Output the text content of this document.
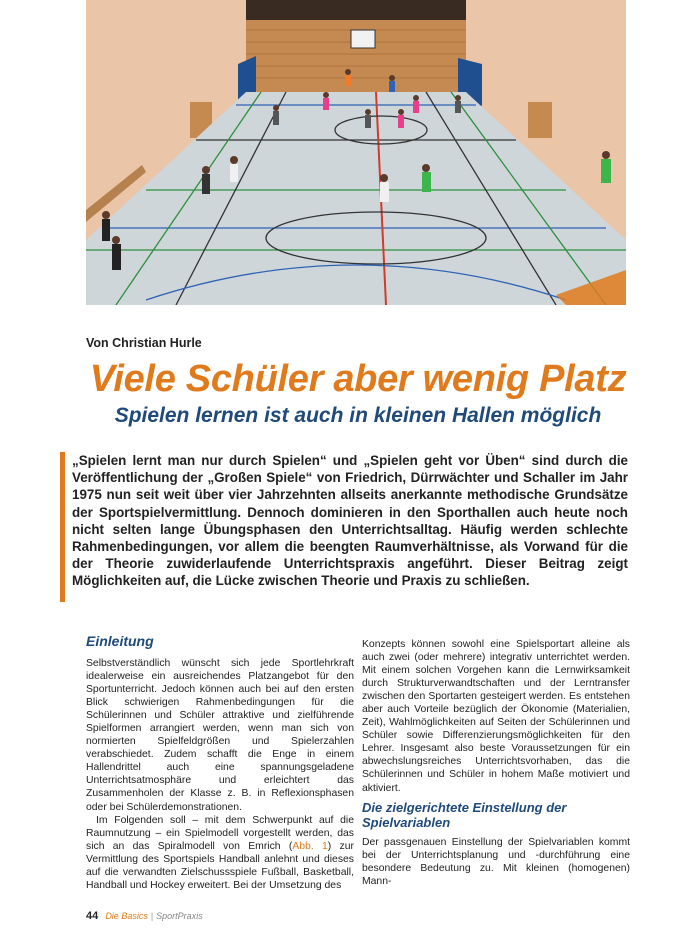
Von Christian Hurle
Viele Schüler aber wenig Platz
Spielen lernen ist auch in kleinen Hallen möglich

„Spielen lernt man nur durch Spielen“ und „Spielen geht vor Üben“ sind durch die Veröffentlichung der „Großen Spiele“ von Friedrich, Dürrwächter und Schaller im Jahr 1975 nun seit weit über vier Jahrzehnten allseits anerkannte methodische Grundsätze der Sportspielvermittlung. Dennoch dominieren in den Sporthallen auch heute noch nicht selten lange Übungsphasen den Unterrichtsalltag. Häufig werden schlechte Rahmenbedingungen, vor allem die beengten Raumverhältnisse, als Vorwand für die der Theorie zuwiderlaufende Unterrichtspraxis angeführt. Dieser Beitrag zeigt Möglichkeiten auf, die Lücke zwischen Theorie und Praxis zu schließen.

Einleitung

Selbstverständlich wünscht sich jede Sportlehrkraft idealerweise ein ausreichendes Platzangebot für den Sportunterricht. Jedoch können auch bei auf den ersten Blick schwierigen Rahmenbedingungen für die Schülerinnen und Schüler attraktive und zielführende Spielformen arrangiert werden, wenn man sich von normierten Spielfeldgrößen und Spielerzahlen verabschiedet. Zudem schafft die Enge in einem Hallendrittel auch eine spannungsgeladene Unterrichtsatmosphäre und erleichtert das Zusammenholen der Klasse z. B. in Reflexionsphasen oder bei Schülerdemonstrationen.

Im Folgenden soll – mit dem Schwerpunkt auf die Raumnutzung – ein Spielmodell vorgestellt werden, das sich an das Spiralmodell von Emrich (Abb. 1) zur Vermittlung des Sportspiels Handball anlehnt und dieses auf die verwandten Zielschussspiele Fußball, Basketball, Handball und Hockey erweitert. Bei der Umsetzung des

Konzepts können sowohl eine Spielsportart alleine als auch zwei (oder mehrere) integrativ unterrichtet werden. Mit einem solchen Vorgehen kann die Lernwirksamkeit durch Strukturverwandtschaften und der Lerntransfer zwischen den Sportarten gesteigert werden. Es entstehen aber auch Vorteile bezüglich der Ökonomie (Materialien, Zeit), Wahlmöglichkeiten auf Seiten der Schülerinnen und Schüler sowie Differenzierungsmöglichkeiten für den Lehrer. Insgesamt also beste Voraussetzungen für ein abwechslungsreiches Unterrichtsvorhaben, das die Schülerinnen und Schüler in hohem Maße motiviert und aktiviert.

Die zielgerichtete Einstellung der Spielvariablen

Der passgenauen Einstellung der Spielvariablen kommt bei der Unterrichtsplanung und -durchführung eine besondere Bedeutung zu. Mit kleinen (homogenen) Mann-

44 Die Basics | SportPraxis
